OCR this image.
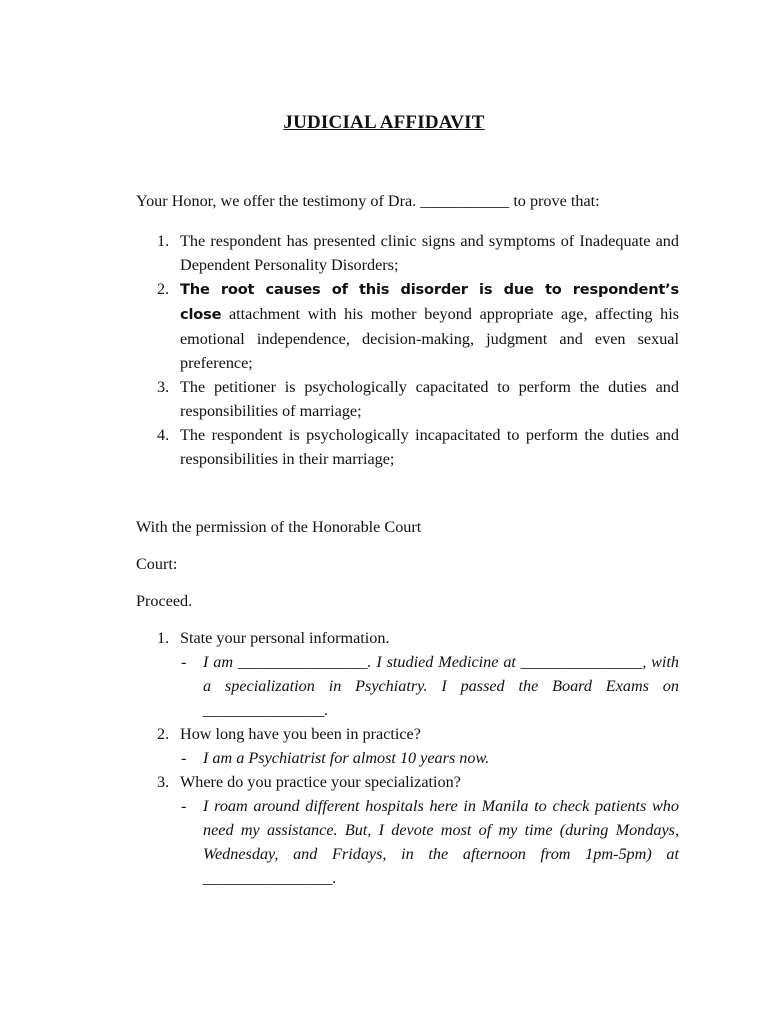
JUDICIAL AFFIDAVIT

Your Honor, we offer the testimony of Dra. ___________ to prove that:

1. The respondent has presented clinic signs and symptoms of Inadequate and Dependent Personality Disorders;
2. The root causes of this disorder is due to respondent’s close attachment with his mother beyond appropriate age, affecting his emotional independence, decision-making, judgment and even sexual preference;
3. The petitioner is psychologically capacitated to perform the duties and responsibilities of marriage;
4. The respondent is psychologically incapacitated to perform the duties and responsibilities in their marriage;

With the permission of the Honorable Court

Court:

Proceed.

1. State your personal information.
- I am ________________. I studied Medicine at _______________, with a specialization in Psychiatry. I passed the Board Exams on _______________.
2. How long have you been in practice?
- I am a Psychiatrist for almost 10 years now.
3. Where do you practice your specialization?
- I roam around different hospitals here in Manila to check patients who need my assistance. But, I devote most of my time (during Mondays, Wednesday, and Fridays, in the afternoon from 1pm-5pm) at ________________.
